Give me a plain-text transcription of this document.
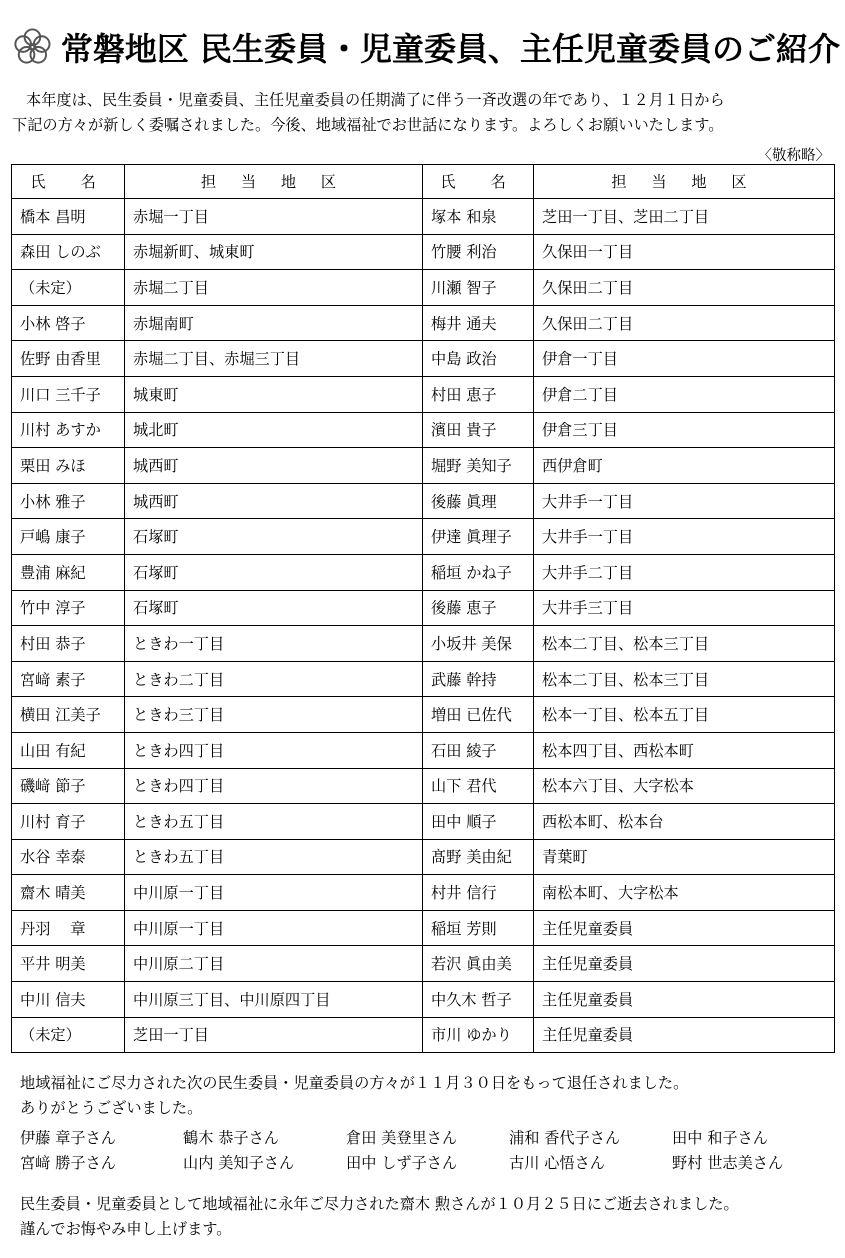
常磐地区 民生委員・児童委員、主任児童委員のご紹介

本年度は、民生委員・児童委員、主任児童委員の任期満了に伴う一斉改選の年であり、１２月１日から

下記の方々が新しく委嘱されました。今後、地域福祉でお世話になります。よろしくお願いいたします。

〈敬称略〉
氏　名	担 当 地 区	氏　名	担 当 地 区
橋本 昌明	赤堀一丁目	塚本 和泉	芝田一丁目、芝田二丁目
森田 しのぶ	赤堀新町、城東町	竹腰 利治	久保田一丁目
（未定）	赤堀二丁目	川瀬 智子	久保田二丁目
小林 啓子	赤堀南町	梅井 通夫	久保田二丁目
佐野 由香里	赤堀二丁目、赤堀三丁目	中島 政治	伊倉一丁目
川口 三千子	城東町	村田 恵子	伊倉二丁目
川村 あすか	城北町	濱田 貴子	伊倉三丁目
栗田 みほ	城西町	堀野 美知子	西伊倉町
小林 雅子	城西町	後藤 眞理	大井手一丁目
戸嶋 康子	石塚町	伊達 眞理子	大井手一丁目
豊浦 麻紀	石塚町	稲垣 かね子	大井手二丁目
竹中 淳子	石塚町	後藤 恵子	大井手三丁目
村田 恭子	ときわ一丁目	小坂井 美保	松本二丁目、松本三丁目
宮﨑 素子	ときわ二丁目	武藤 幹持	松本二丁目、松本三丁目
横田 江美子	ときわ三丁目	増田 已佐代	松本一丁目、松本五丁目
山田 有紀	ときわ四丁目	石田 綾子	松本四丁目、西松本町
磯﨑 節子	ときわ四丁目	山下 君代	松本六丁目、大字松本
川村 育子	ときわ五丁目	田中 順子	西松本町、松本台
水谷 幸泰	ときわ五丁目	髙野 美由紀	青葉町
齋木 晴美	中川原一丁目	村井 信行	南松本町、大字松本
丹羽　 章	中川原一丁目	稲垣 芳則	主任児童委員
平井 明美	中川原二丁目	若沢 眞由美	主任児童委員
中川 信夫	中川原三丁目、中川原四丁目	中久木 哲子	主任児童委員
（未定）	芝田一丁目	市川 ゆかり	主任児童委員

地域福祉にご尽力された次の民生委員・児童委員の方々が１１月３０日をもって退任されました。

ありがとうございました。

伊藤 章子さん	鶴木 恭子さん	倉田 美登里さん	浦和 香代子さん	田中 和子さん
宮﨑 勝子さん	山内 美知子さん	田中 しず子さん	古川 心悟さん	野村 世志美さん

民生委員・児童委員として地域福祉に永年ご尽力された齋木 勲さんが１０月２５日にご逝去されました。

謹んでお悔やみ申し上げます。
